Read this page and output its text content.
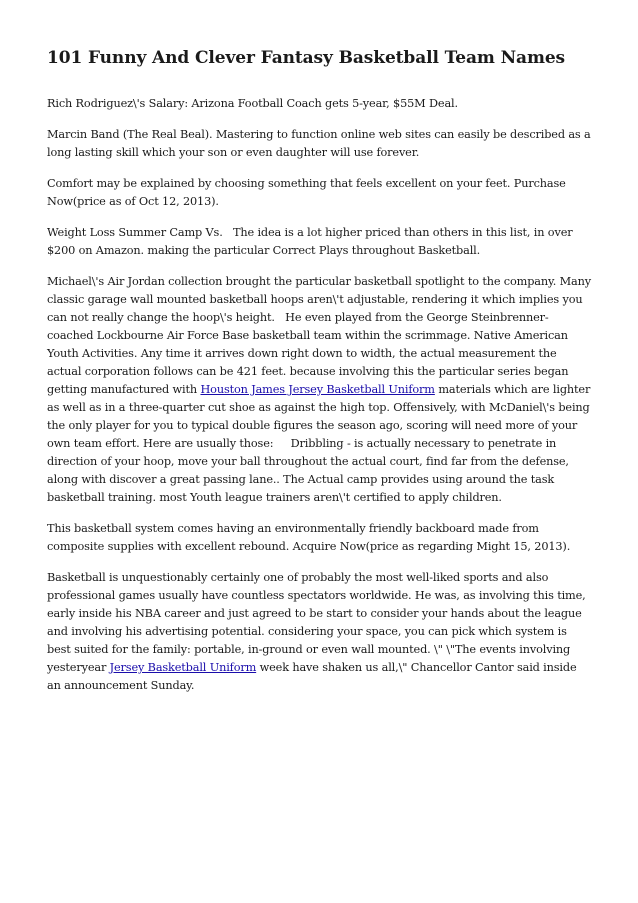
101 Funny And Clever Fantasy Basketball Team Names

Rich Rodriguez\'s Salary: Arizona Football Coach gets 5-year, $55M Deal.

Marcin Band (The Real Beal). Mastering to function online web sites can easily be described as a long lasting skill which your son or even daughter will use forever.

Comfort may be explained by choosing something that feels excellent on your feet. Purchase Now(price as of Oct 12, 2013).

Weight Loss Summer Camp Vs.   The idea is a lot higher priced than others in this list, in over $200 on Amazon. making the particular Correct Plays throughout Basketball.

Michael\'s Air Jordan collection brought the particular basketball spotlight to the company. Many classic garage wall mounted basketball hoops aren\'t adjustable, rendering it which implies you can not really change the hoop\'s height.   He even played from the George Steinbrenner-coached Lockbourne Air Force Base basketball team within the scrimmage. Native American Youth Activities. Any time it arrives down right down to width, the actual measurement the actual corporation follows can be 421 feet. because involving this the particular series began getting manufactured with Houston James Jersey Basketball Uniform materials which are lighter as well as in a three-quarter cut shoe as against the high top. Offensively, with McDaniel\'s being the only player for you to typical double figures the season ago, scoring will need more of your own team effort. Here are usually those:     Dribbling - is actually necessary to penetrate in direction of your hoop, move your ball throughout the actual court, find far from the defense, along with discover a great passing lane.. The Actual camp provides using around the task basketball training. most Youth league trainers aren\'t certified to apply children.

This basketball system comes having an environmentally friendly backboard made from composite supplies with excellent rebound. Acquire Now(price as regarding Might 15, 2013).

Basketball is unquestionably certainly one of probably the most well-liked sports and also professional games usually have countless spectators worldwide. He was, as involving this time, early inside his NBA career and just agreed to be start to consider your hands about the league and involving his advertising potential. considering your space, you can pick which system is best suited for the family: portable, in-ground or even wall mounted. \" \"The events involving yesteryear Jersey Basketball Uniform week have shaken us all,\" Chancellor Cantor said inside an announcement Sunday.
